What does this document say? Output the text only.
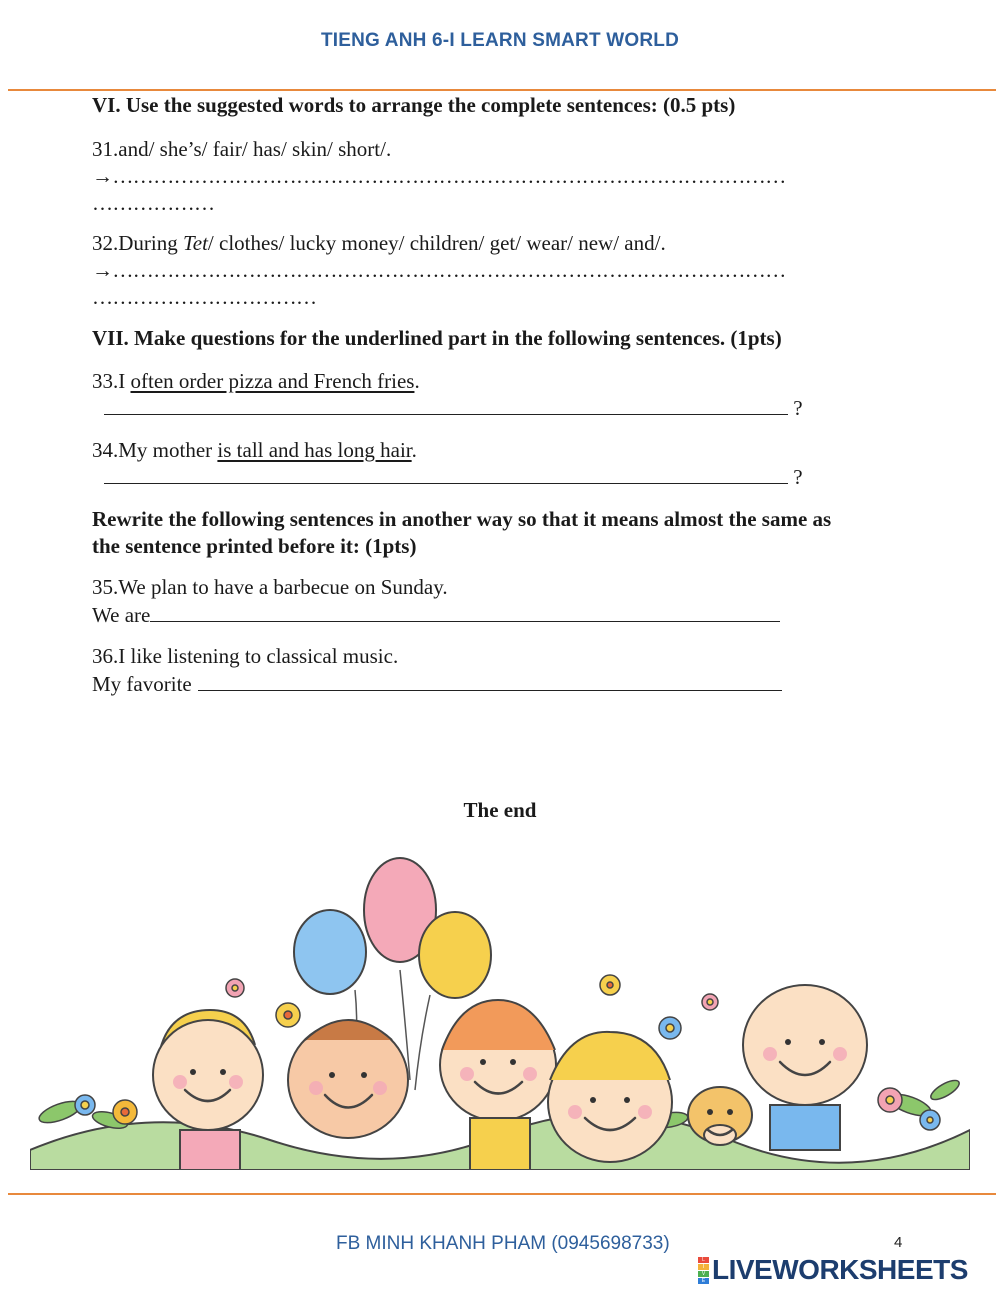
TIENG ANH 6-I LEARN SMART WORLD
VI. Use the suggested words to arrange the complete sentences: (0.5 pts)
31.and/ she’s/ fair/ has/ skin/ short/.
→………………………………………………………………………………………
………………
32.During Tet/ clothes/ lucky money/ children/ get/ wear/ new/ and/.
→………………………………………………………………………………………
……………………………
VII. Make questions for the underlined part in the following sentences. (1pts)
33.I often order pizza and French fries.
?
34.My mother is tall and has long hair.
?
Rewrite the following sentences in another way so that it means almost the same as
the sentence printed before it: (1pts)
35.We plan to have a barbecue on Sunday.
We are
36.I like listening to classical music.
My favorite
The end
FB MINH KHANH PHAM (0945698733)	4
L
I
V
E LIVEWORKSHEETS
